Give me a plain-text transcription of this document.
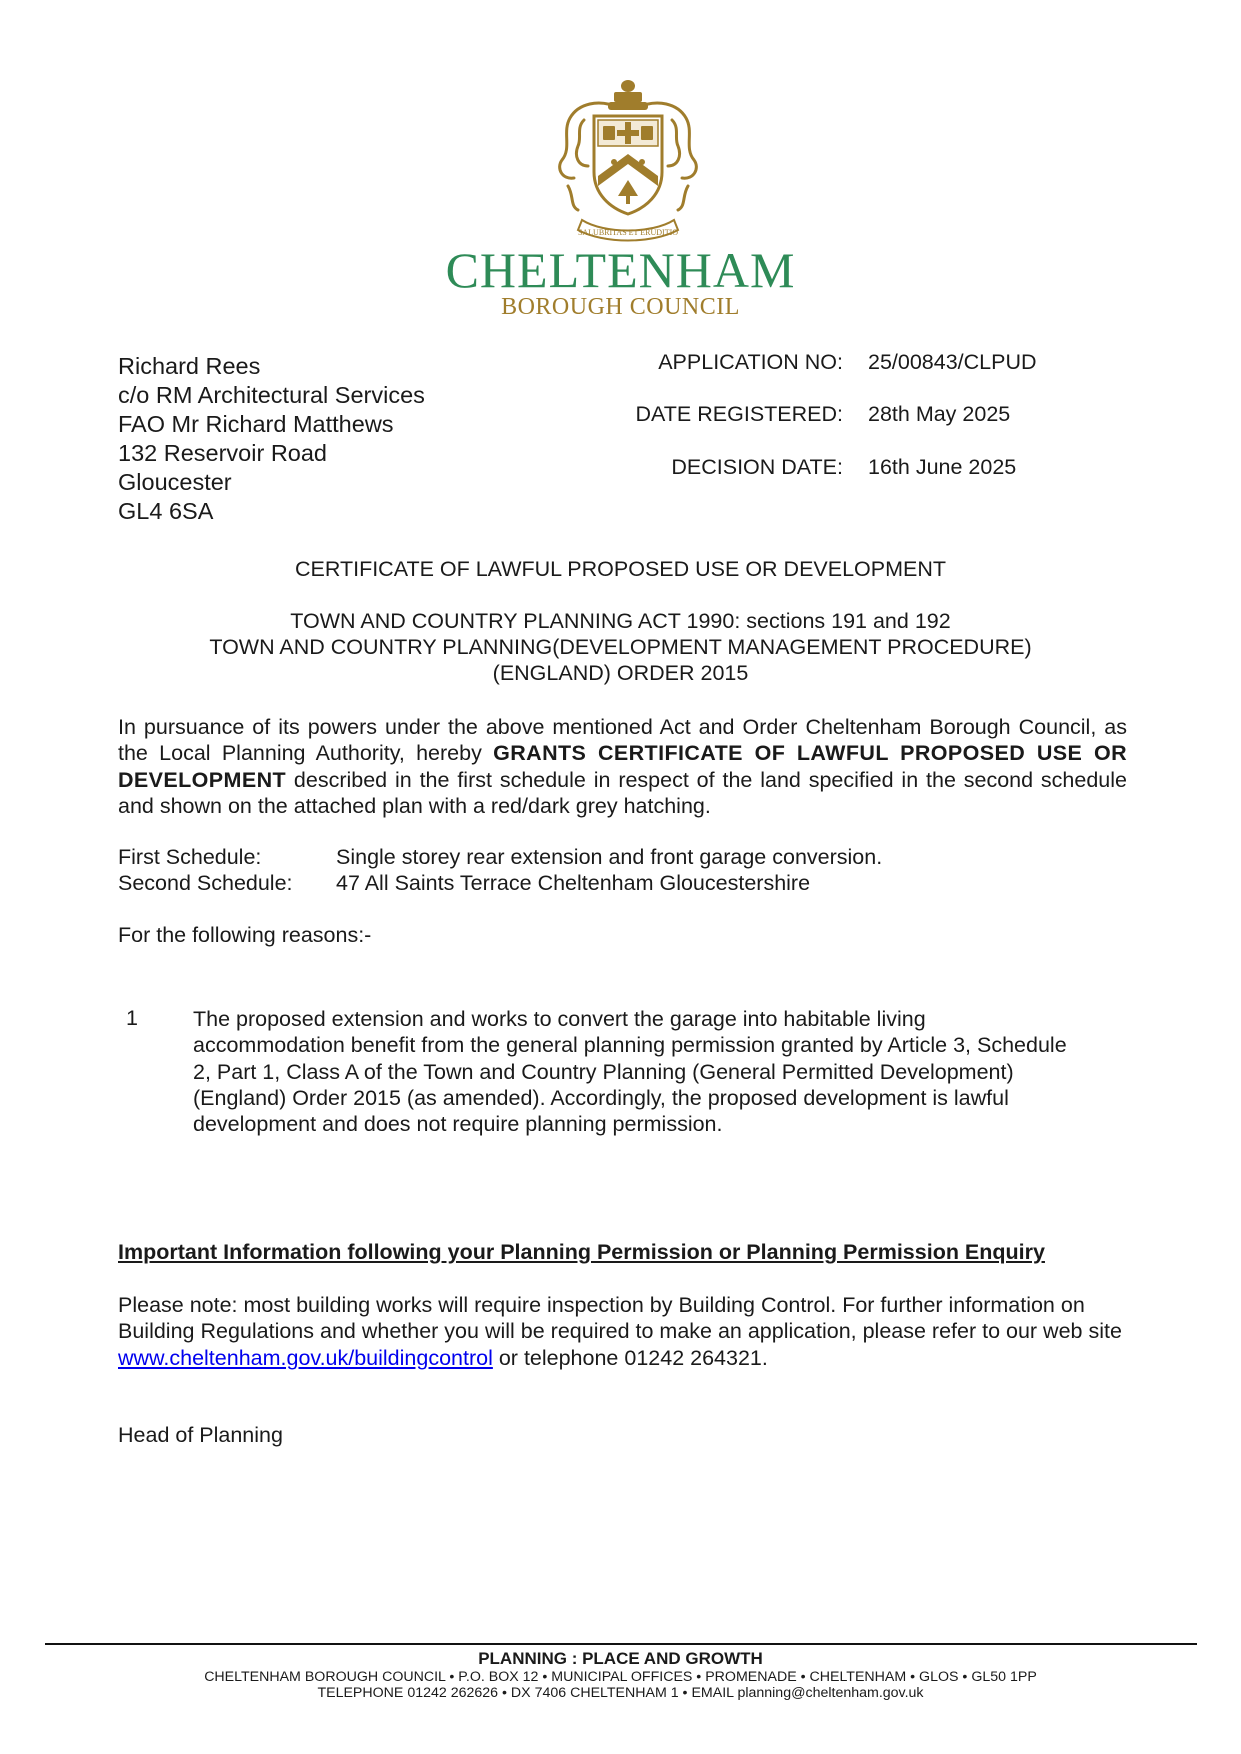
SALUBRITAS ET ERUDITIO
CHELTENHAM
BOROUGH COUNCIL
Richard Rees
c/o RM Architectural Services
FAO Mr Richard Matthews
132 Reservoir Road
Gloucester
GL4 6SA
APPLICATION NO: 25/00843/CLPUD
DATE REGISTERED: 28th May 2025
DECISION DATE: 16th June 2025
CERTIFICATE OF LAWFUL PROPOSED USE OR DEVELOPMENT
TOWN AND COUNTRY PLANNING ACT 1990: sections 191 and 192
TOWN AND COUNTRY PLANNING(DEVELOPMENT MANAGEMENT PROCEDURE)
(ENGLAND) ORDER 2015
In pursuance of its powers under the above mentioned Act and Order Cheltenham Borough Council, as the Local Planning Authority, hereby GRANTS CERTIFICATE OF LAWFUL PROPOSED USE OR DEVELOPMENT described in the first schedule in respect of the land specified in the second schedule and shown on the attached plan with a red/dark grey hatching.
First Schedule:	Single storey rear extension and front garage conversion.
Second Schedule: 47 All Saints Terrace Cheltenham Gloucestershire
For the following reasons:-
1	The proposed extension and works to convert the garage into habitable living accommodation benefit from the general planning permission granted by Article 3, Schedule 2, Part 1, Class A of the Town and Country Planning (General Permitted Development) (England) Order 2015 (as amended). Accordingly, the proposed development is lawful development and does not require planning permission.
Important Information following your Planning Permission or Planning Permission Enquiry
Please note: most building works will require inspection by Building Control. For further information on Building Regulations and whether you will be required to make an application, please refer to our web site www.cheltenham.gov.uk/buildingcontrol or telephone 01242 264321.
Head of Planning
PLANNING : PLACE AND GROWTH
CHELTENHAM BOROUGH COUNCIL • P.O. BOX 12 • MUNICIPAL OFFICES • PROMENADE • CHELTENHAM • GLOS • GL50 1PP
TELEPHONE 01242 262626 • DX 7406 CHELTENHAM 1 • EMAIL planning@cheltenham.gov.uk
